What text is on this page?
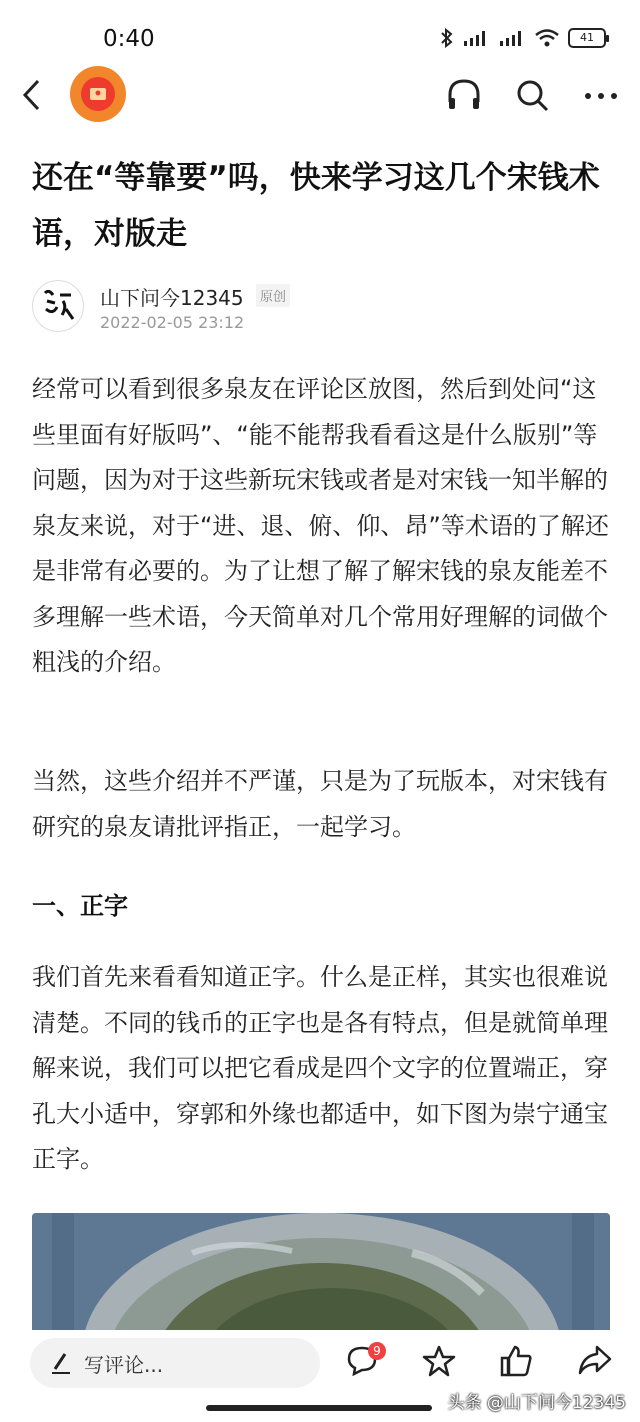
0:40	41
还在“等靠要”吗，快来学习这几个宋钱术语，对版走
山下问今12345	原创
2022-02-05 23:12
经常可以看到很多泉友在评论区放图，然后到处问“这些里面有好版吗”、“能不能帮我看看这是什么版别”等问题，因为对于这些新玩宋钱或者是对宋钱一知半解的泉友来说，对于“进、退、俯、仰、昂”等术语的了解还是非常有必要的。为了让想了解了解宋钱的泉友能差不多理解一些术语，今天简单对几个常用好理解的词做个粗浅的介绍。
当然，这些介绍并不严谨，只是为了玩版本，对宋钱有研究的泉友请批评指正，一起学习。
一、正字
我们首先来看看知道正字。什么是正样，其实也很难说清楚。不同的钱币的正字也是各有特点，但是就简单理解来说，我们可以把它看成是四个文字的位置端正，穿孔大小适中，穿郭和外缘也都适中，如下图为崇宁通宝正字。
写评论...
9
头条 @山下问今12345
